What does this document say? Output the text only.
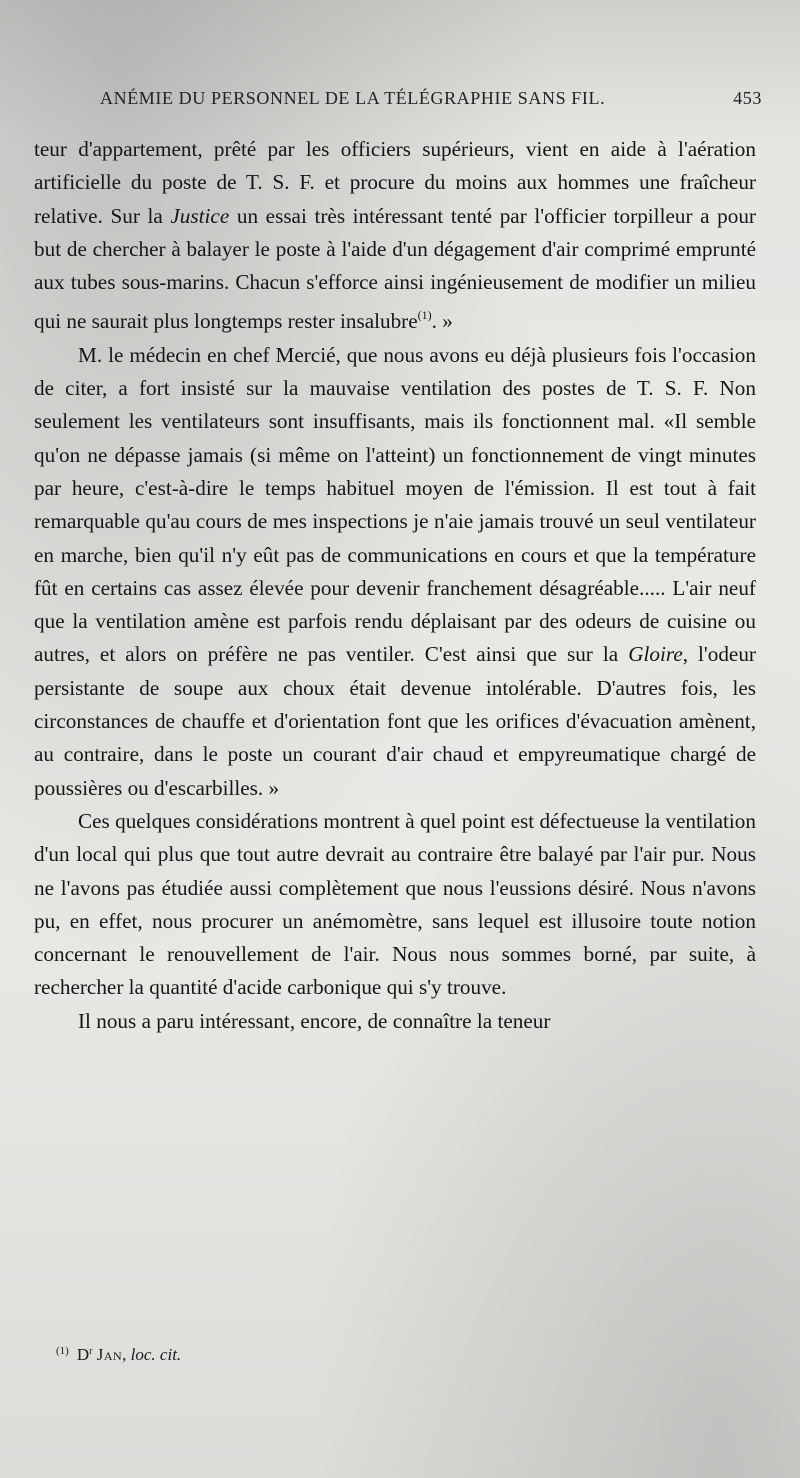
ANÉMIE DU PERSONNEL DE LA TÉLÉGRAPHIE SANS FIL.	453

teur d'appartement, prêté par les officiers supérieurs, vient en aide à l'aération artificielle du poste de T. S. F. et procure du moins aux hommes une fraîcheur relative. Sur la Justice un essai très intéressant tenté par l'officier torpilleur a pour but de chercher à balayer le poste à l'aide d'un dégagement d'air comprimé emprunté aux tubes sous-marins. Chacun s'efforce ainsi ingénieusement de modifier un milieu qui ne saurait plus longtemps rester insalubre$^{(1)}$. »

M. le médecin en chef Mercié, que nous avons eu déjà plusieurs fois l'occasion de citer, a fort insisté sur la mauvaise ventilation des postes de T. S. F. Non seulement les ventilateurs sont insuffisants, mais ils fonctionnent mal. «Il semble qu'on ne dépasse jamais (si même on l'atteint) un fonctionnement de vingt minutes par heure, c'est-à-dire le temps habituel moyen de l'émission. Il est tout à fait remarquable qu'au cours de mes inspections je n'aie jamais trouvé un seul ventilateur en marche, bien qu'il n'y eût pas de communications en cours et que la température fût en certains cas assez élevée pour devenir franchement désagréable..... L'air neuf que la ventilation amène est parfois rendu déplaisant par des odeurs de cuisine ou autres, et alors on préfère ne pas ventiler. C'est ainsi que sur la Gloire, l'odeur persistante de soupe aux choux était devenue intolérable. D'autres fois, les circonstances de chauffe et d'orientation font que les orifices d'évacuation amènent, au contraire, dans le poste un courant d'air chaud et empyreumatique chargé de poussières ou d'escarbilles. »

Ces quelques considérations montrent à quel point est défectueuse la ventilation d'un local qui plus que tout autre devrait au contraire être balayé par l'air pur. Nous ne l'avons pas étudiée aussi complètement que nous l'eussions désiré. Nous n'avons pu, en effet, nous procurer un anémomètre, sans lequel est illusoire toute notion concernant le renouvellement de l'air. Nous nous sommes borné, par suite, à rechercher la quantité d'acide carbonique qui s'y trouve.

Il nous a paru intéressant, encore, de connaître la teneur

$^{(1)}$ $D^r$ Jan, loc. cit.
